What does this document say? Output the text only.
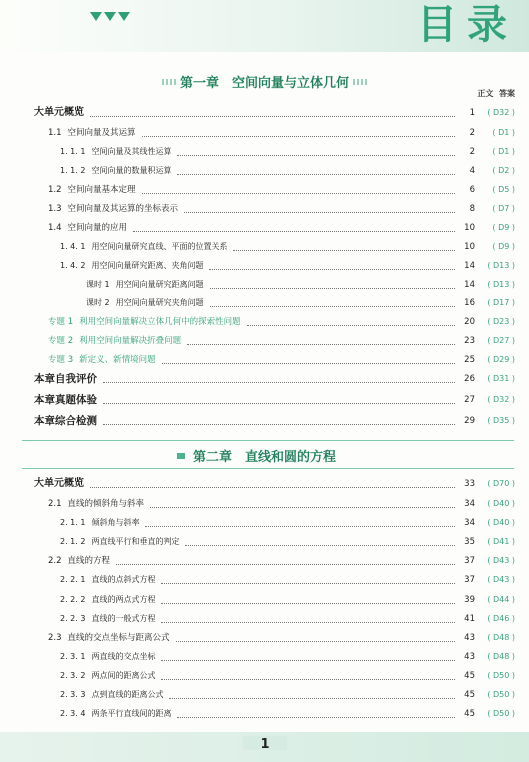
目录
第一章　空间向量与立体几何
正文 答案
大单元概览	1	( D32 )
1.1 空间向量及其运算	2	( D1 )
1. 1. 1 空间向量及其线性运算	2	( D1 )
1. 1. 2 空间向量的数量积运算	4	( D2 )
1.2 空间向量基本定理	6	( D5 )
1.3 空间向量及其运算的坐标表示	8	( D7 )
1.4 空间向量的应用	10	( D9 )
1. 4. 1 用空间向量研究直线、平面的位置关系	10	( D9 )
1. 4. 2 用空间向量研究距离、夹角问题	14	( D13 )
课时 1 用空间向量研究距离问题	14	( D13 )
课时 2 用空间向量研究夹角问题	16	( D17 )
专题 1 利用空间向量解决立体几何中的探索性问题	20	( D23 )
专题 2 利用空间向量解决折叠问题	23	( D27 )
专题 3 新定义、新情境问题	25	( D29 )
本章自我评价	26	( D31 )
本章真题体验	27	( D32 )
本章综合检测	29	( D35 )
第二章　直线和圆的方程
大单元概览	33	( D70 )
2.1 直线的倾斜角与斜率	34	( D40 )
2. 1. 1 倾斜角与斜率	34	( D40 )
2. 1. 2 两直线平行和垂直的判定	35	( D41 )
2.2 直线的方程	37	( D43 )
2. 2. 1 直线的点斜式方程	37	( D43 )
2. 2. 2 直线的两点式方程	39	( D44 )
2. 2. 3 直线的一般式方程	41	( D46 )
2.3 直线的交点坐标与距离公式	43	( D48 )
2. 3. 1 两直线的交点坐标	43	( D48 )
2. 3. 2 两点间的距离公式	45	( D50 )
2. 3. 3 点到直线的距离公式	45	( D50 )
2. 3. 4 两条平行直线间的距离	45	( D50 )
1
